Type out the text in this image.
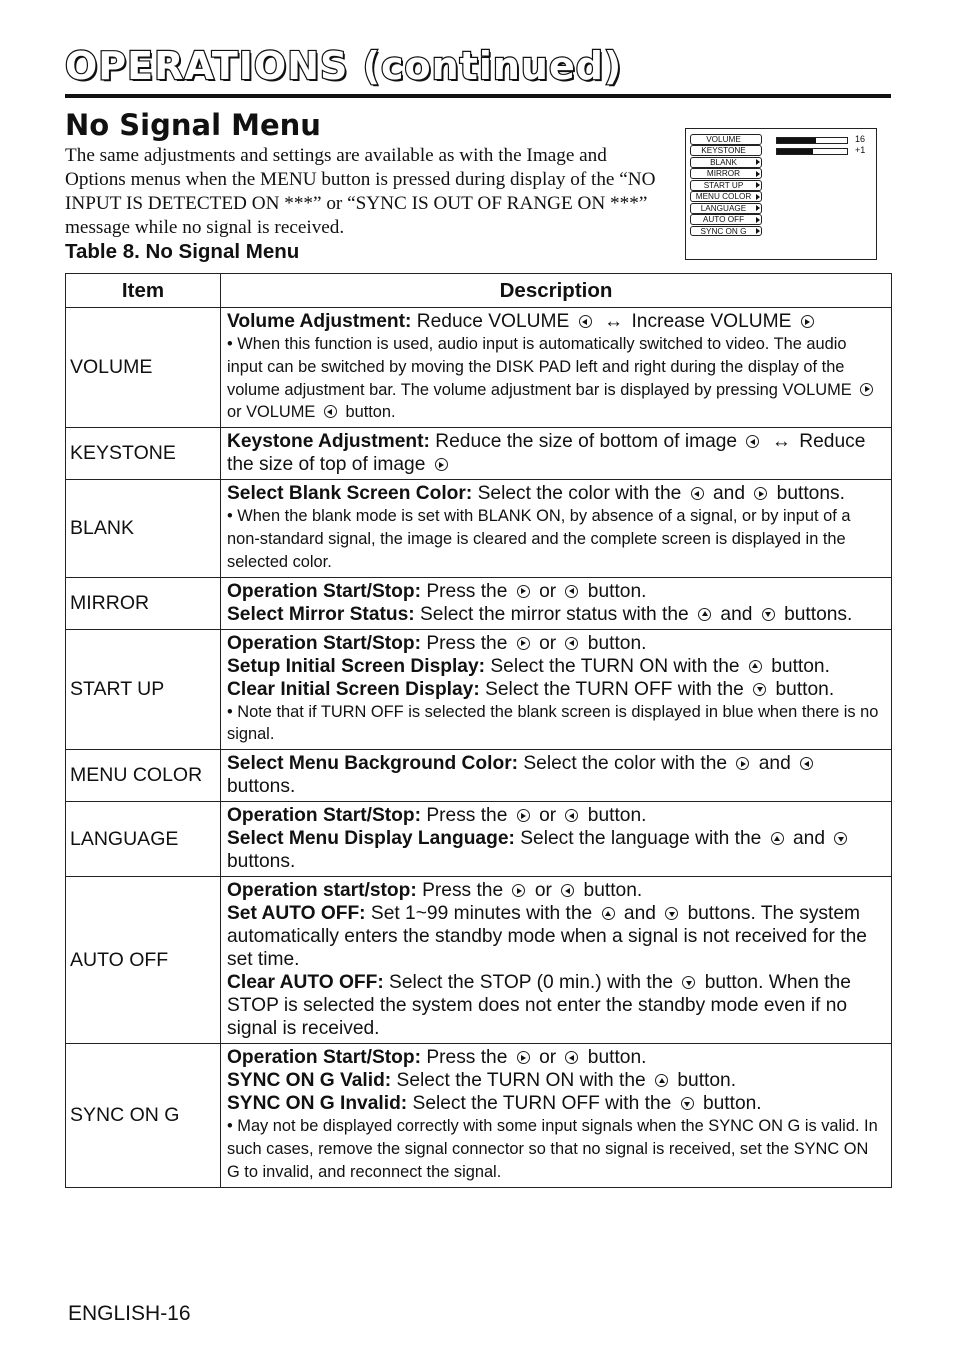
OPERATIONS (continued)
No Signal Menu

The same adjustments and settings are available as with the Image and Options menus when the MENU button is pressed during display of the “NO INPUT IS DETECTED ON ***” or “SYNC IS OUT OF RANGE ON ***” message while no signal is received.

Table 8. No Signal Menu
VOLUME
KEYSTONE
BLANK
MIRROR
START UP
MENU COLOR
LANGUAGE
AUTO OFF
SYNC ON G
16
+1
Item	Description
VOLUME	Volume Adjustment: Reduce VOLUME  ↔ Increase VOLUME
• When this function is used, audio input is automatically switched to video. The audio input can be switched by moving the DISK PAD left and right during the display of the volume adjustment bar. The volume adjustment bar is displayed by pressing VOLUME  or VOLUME  button.

KEYSTONE	Keystone Adjustment: Reduce the size of bottom of image  ↔ Reduce the size of top of image

BLANK	Select Blank Screen Color: Select the color with the  and  buttons.
• When the blank mode is set with BLANK ON, by absence of a signal, or by input of a non-standard signal, the image is cleared and the complete screen is displayed in the selected color.

MIRROR	Operation Start/Stop: Press the  or  button.
Select Mirror Status: Select the mirror status with the  and  buttons.

START UP	Operation Start/Stop: Press the  or  button.
Setup Initial Screen Display: Select the TURN ON with the  button.
Clear Initial Screen Display: Select the TURN OFF with the  button.
• Note that if TURN OFF is selected the blank screen is displayed in blue when there is no signal.

MENU COLOR	Select Menu Background Color: Select the color with the  and  buttons.

LANGUAGE	Operation Start/Stop: Press the  or  button.
Select Menu Display Language: Select the language with the  and  buttons.

AUTO OFF	Operation start/stop: Press the  or  button.
Set AUTO OFF: Set 1~99 minutes with the  and  buttons. The system automatically enters the standby mode when a signal is not received for the set time.
Clear AUTO OFF: Select the STOP (0 min.) with the  button. When the STOP is selected the system does not enter the standby mode even if no signal is received.

SYNC ON G	Operation Start/Stop: Press the  or  button.
SYNC ON G Valid: Select the TURN ON with the  button.
SYNC ON G Invalid: Select the TURN OFF with the  button.
• May not be displayed correctly with some input signals when the SYNC ON G is valid. In such cases, remove the signal connector so that no signal is received, set the SYNC ON G to invalid, and reconnect the signal.
ENGLISH-16
